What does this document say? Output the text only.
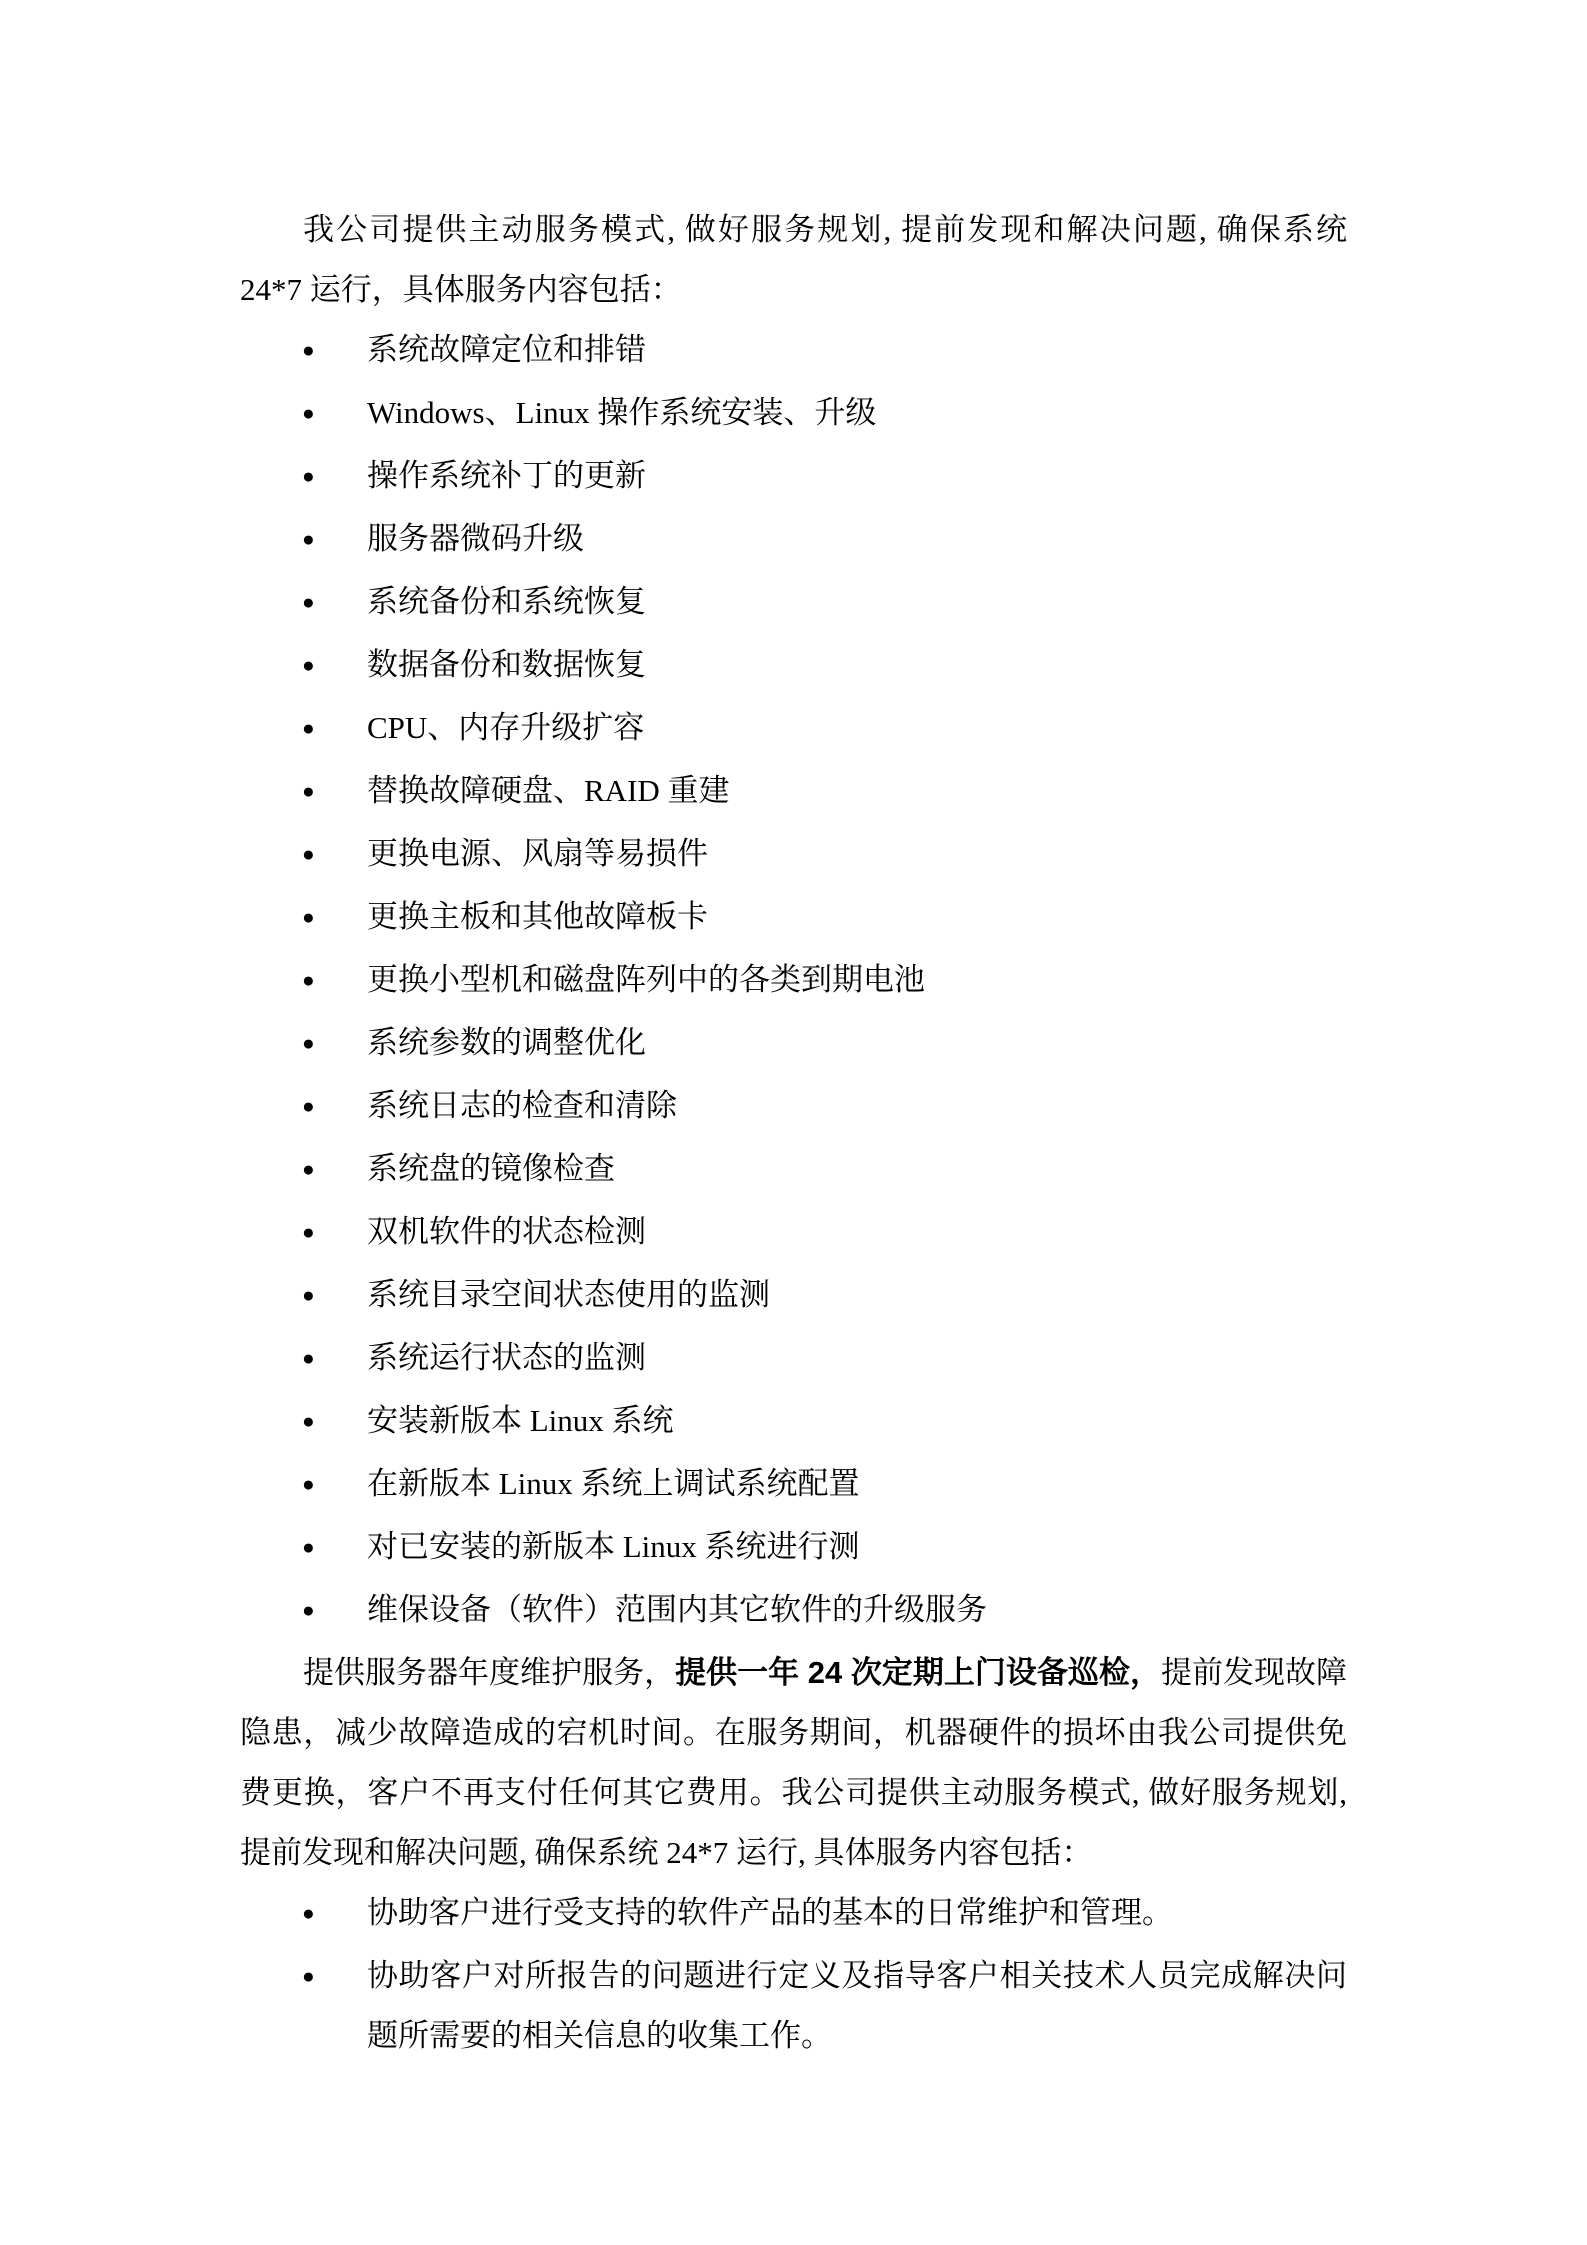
我公司提供主动服务模式, 做好服务规划, 提前发现和解决问题, 确保系统 24*7 运行，具体服务内容包括：

●	系统故障定位和排错
●	Windows、Linux 操作系统安装、升级
●	操作系统补丁的更新
●	服务器微码升级
●	系统备份和系统恢复
●	数据备份和数据恢复
●	CPU、内存升级扩容
●	替换故障硬盘、RAID 重建
●	更换电源、风扇等易损件
●	更换主板和其他故障板卡
●	更换小型机和磁盘阵列中的各类到期电池
●	系统参数的调整优化
●	系统日志的检查和清除
●	系统盘的镜像检查
●	双机软件的状态检测
●	系统目录空间状态使用的监测
●	系统运行状态的监测
●	安装新版本 Linux 系统
●	在新版本 Linux 系统上调试系统配置
●	对已安装的新版本 Linux 系统进行测
●	维保设备（软件）范围内其它软件的升级服务

提供服务器年度维护服务，提供一年 24 次定期上门设备巡检，提前发现故障隐患，减少故障造成的宕机时间。在服务期间，机器硬件的损坏由我公司提供免费更换，客户不再支付任何其它费用。我公司提供主动服务模式, 做好服务规划, 提前发现和解决问题, 确保系统 24*7 运行, 具体服务内容包括：

●	协助客户进行受支持的软件产品的基本的日常维护和管理。
●	协助客户对所报告的问题进行定义及指导客户相关技术人员完成解决问题所需要的相关信息的收集工作。
